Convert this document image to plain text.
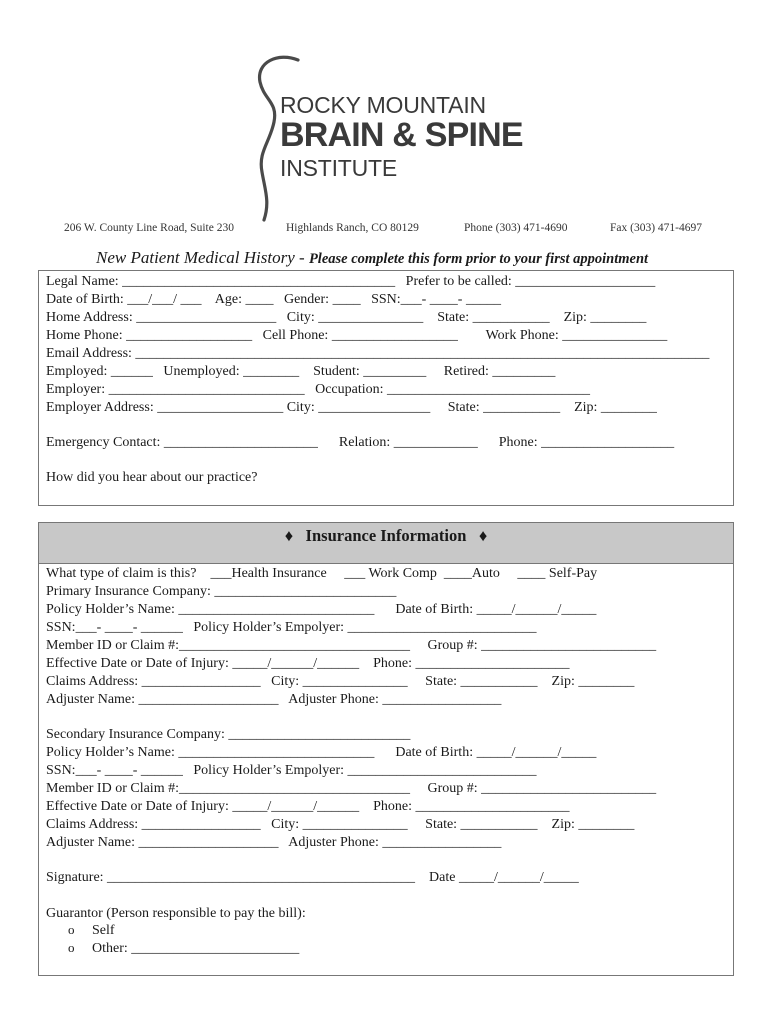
ROCKY MOUNTAIN
BRAIN & SPINE
INSTITUTE
206 W. County Line Road, Suite 230	Highlands Ranch, CO 80129	Phone (303) 471-4690	Fax (303) 471-4697
New Patient Medical History - Please complete this form prior to your first appointment
Legal Name: _______________________________________   Prefer to be called: ____________________
Date of Birth: ___/___/ ___    Age: ____   Gender: ____   SSN:___- ____- _____
Home Address: ____________________   City: _______________    State: ___________    Zip: ________
Home Phone: __________________   Cell Phone: __________________        Work Phone: _______________
Email Address: __________________________________________________________________________________
Employed: ______   Unemployed: ________    Student: _________     Retired: _________
Employer: ____________________________   Occupation: _____________________________
Employer Address: __________________ City: ________________     State: ___________    Zip: ________
Emergency Contact: ______________________      Relation: ____________      Phone: ___________________
How did you hear about our practice?
♦ Insurance Information ♦
What type of claim is this?    ___Health Insurance     ___ Work Comp  ____Auto     ____ Self-Pay
Primary Insurance Company: __________________________
Policy Holder’s Name: ____________________________      Date of Birth: _____/______/_____
SSN:___- ____- ______   Policy Holder’s Empolyer: ___________________________
Member ID or Claim #:_________________________________     Group #: _________________________
Effective Date or Date of Injury: _____/______/______    Phone: ______________________
Claims Address: _________________   City: _______________     State: ___________    Zip: ________
Adjuster Name: ____________________   Adjuster Phone: _________________
Secondary Insurance Company: __________________________
Policy Holder’s Name: ____________________________      Date of Birth: _____/______/_____
SSN:___- ____- ______   Policy Holder’s Empolyer: ___________________________
Member ID or Claim #:_________________________________     Group #: _________________________
Effective Date or Date of Injury: _____/______/______    Phone: ______________________
Claims Address: _________________   City: _______________     State: ___________    Zip: ________
Adjuster Name: ____________________   Adjuster Phone: _________________
Signature: ____________________________________________    Date _____/______/_____
Guarantor (Person responsible to pay the bill):
o Self
o Other: ________________________
